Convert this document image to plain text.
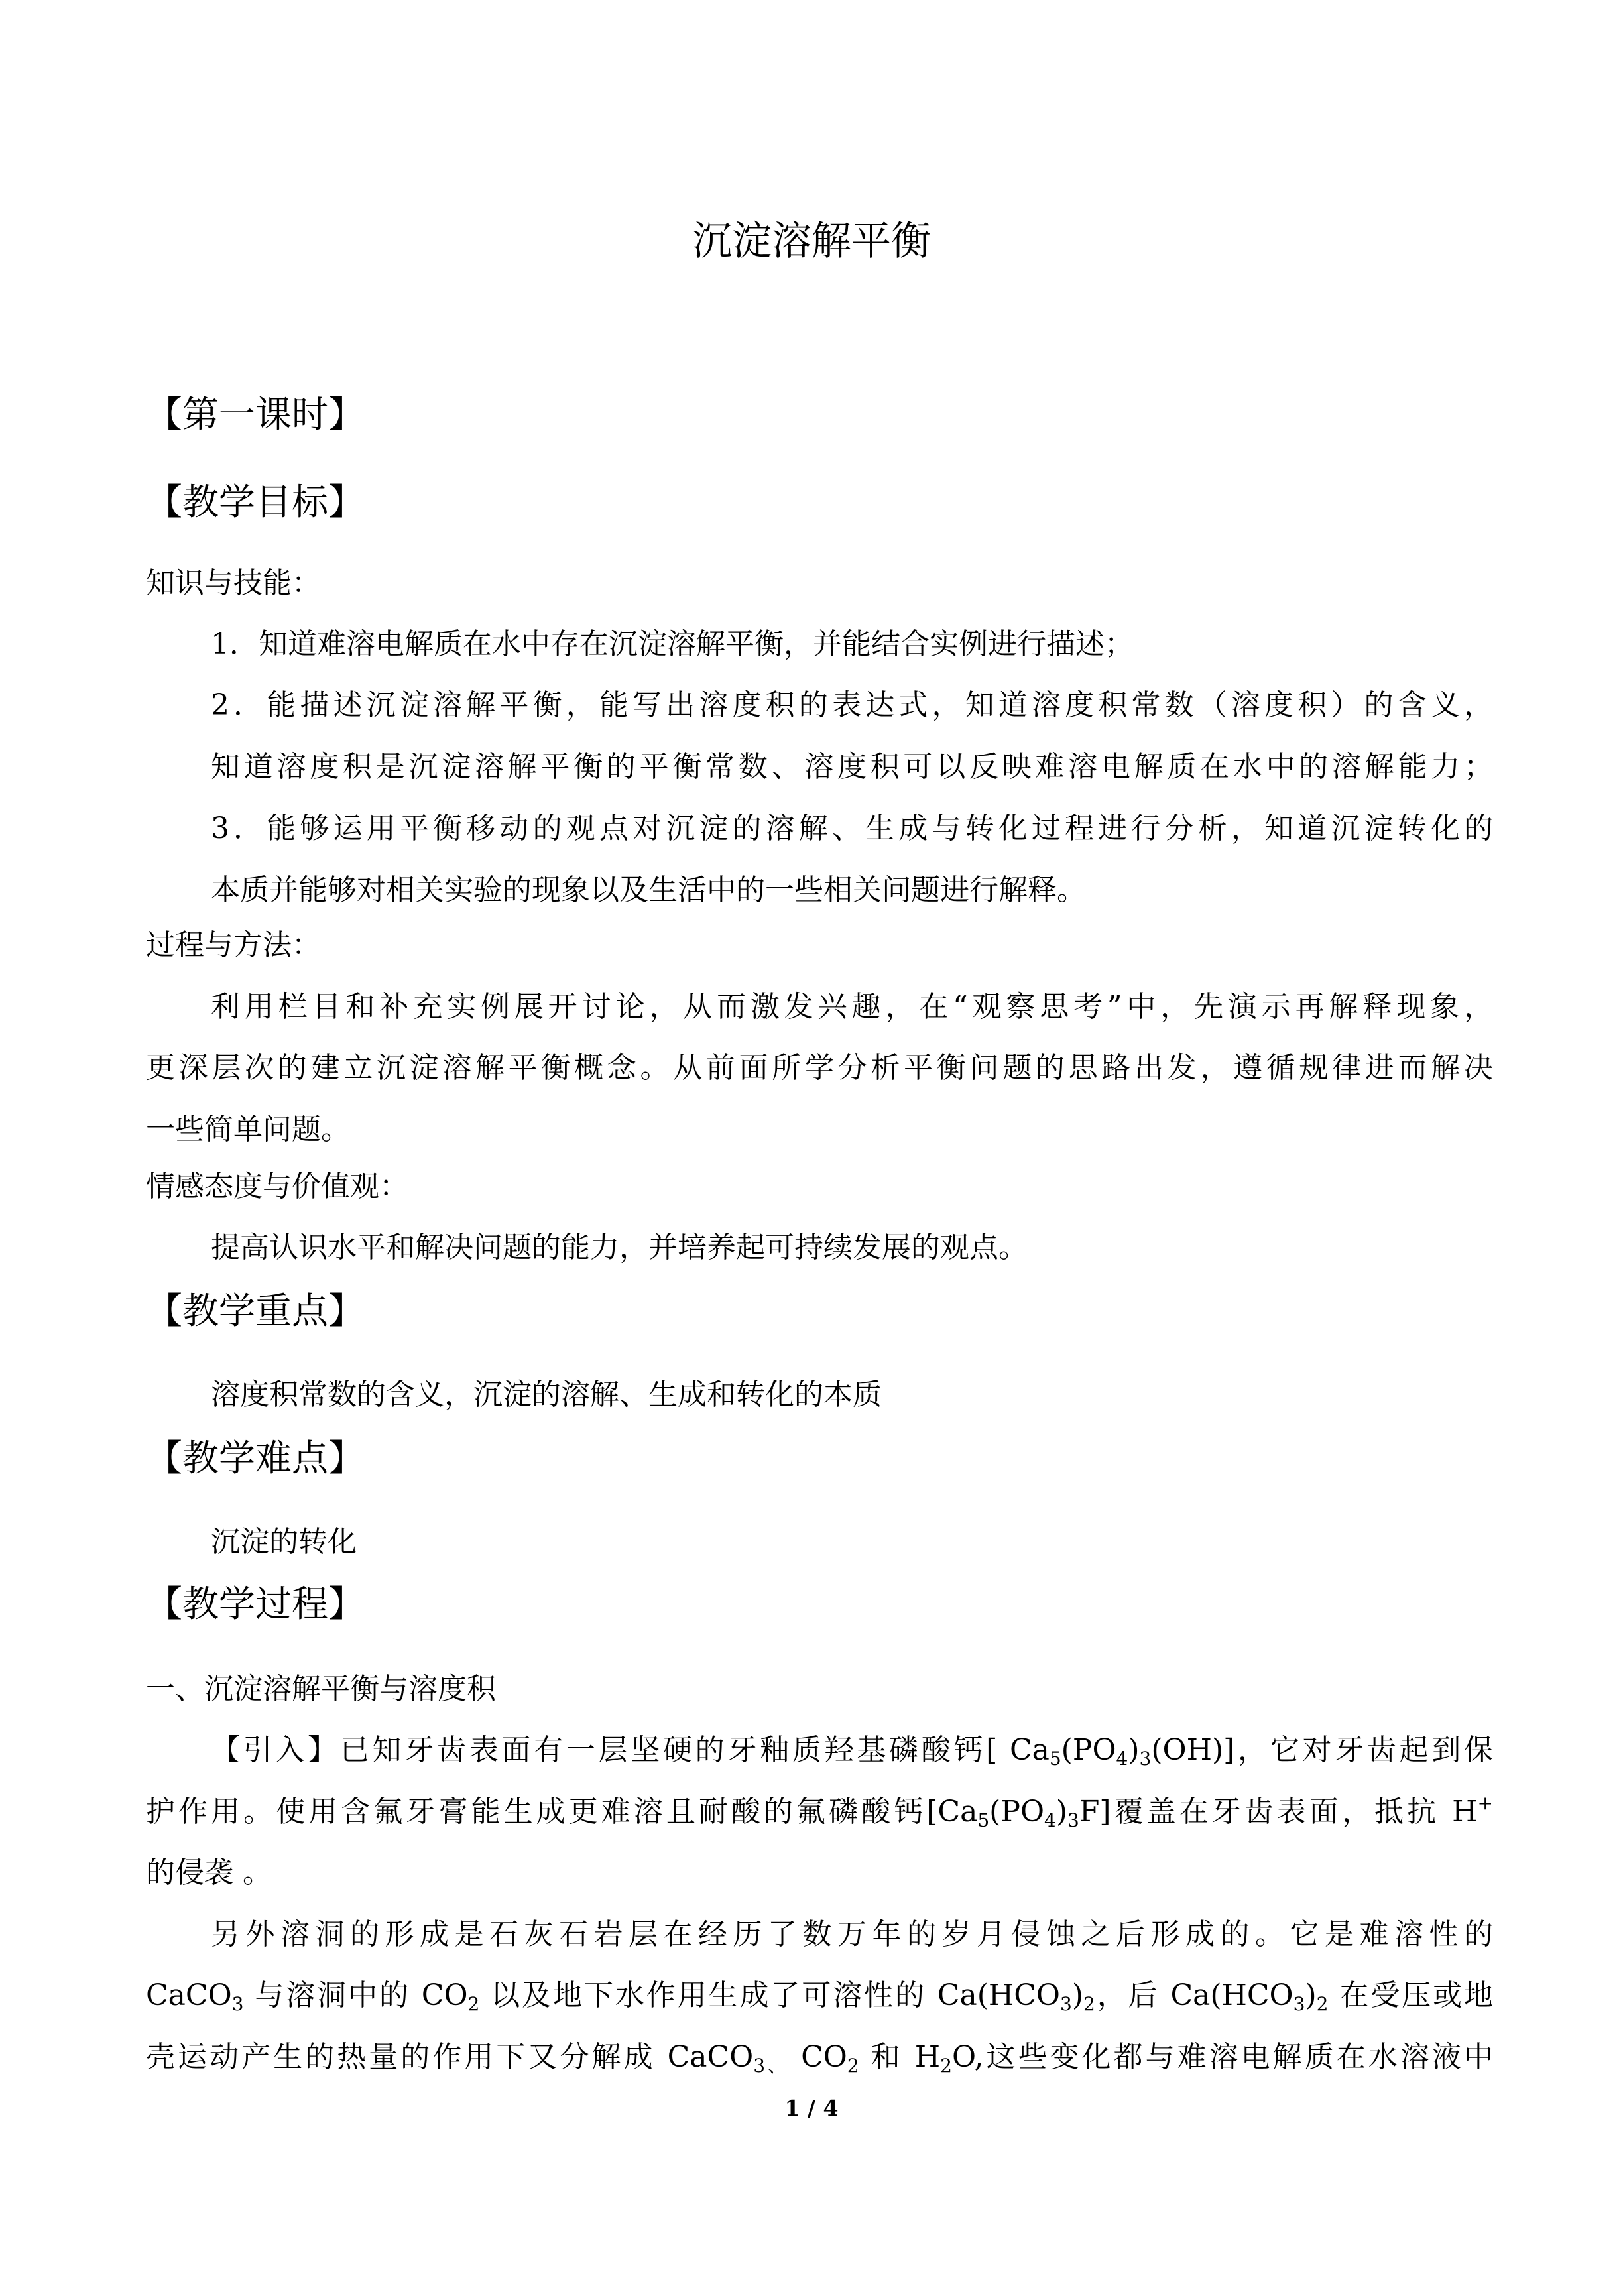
沉淀溶解平衡
【第一课时】
【教学目标】
知识与技能：
1．知道难溶电解质在水中存在沉淀溶解平衡，并能结合实例进行描述；
2．能描述沉淀溶解平衡，能写出溶度积的表达式，知道溶度积常数（溶度积）的含义，
知道溶度积是沉淀溶解平衡的平衡常数、溶度积可以反映难溶电解质在水中的溶解能力；
3．能够运用平衡移动的观点对沉淀的溶解、生成与转化过程进行分析，知道沉淀转化的
本质并能够对相关实验的现象以及生活中的一些相关问题进行解释。
过程与方法：
利用栏目和补充实例展开讨论，从而激发兴趣，在“观察思考”中，先演示再解释现象，
更深层次的建立沉淀溶解平衡概念。从前面所学分析平衡问题的思路出发，遵循规律进而解决
一些简单问题。
情感态度与价值观：
提高认识水平和解决问题的能力，并培养起可持续发展的观点。
【教学重点】
溶度积常数的含义，沉淀的溶解、生成和转化的本质
【教学难点】
沉淀的转化
【教学过程】
一、沉淀溶解平衡与溶度积
【引入】已知牙齿表面有一层坚硬的牙釉质羟基磷酸钙[ $Ca_5(PO_4)_3(OH)$]，它对牙齿起到保
护作用。使用含氟牙膏能生成更难溶且耐酸的氟磷酸钙$[Ca_5(PO_4)_3F]$覆盖在牙齿表面，抵抗 H+
的侵袭 。
另外溶洞的形成是石灰石岩层在经历了数万年的岁月侵蚀之后形成的。它是难溶性的
CaCO$_3$ 与溶洞中的 $CO_2$ 以及地下水作用生成了可溶性的 $Ca(HCO_3)_2$，后 $Ca(HCO_3)_2$ 在受压或地
壳运动产生的热量的作用下又分解成 CaCO$_{3、}$ $CO_2$ 和 $H_2O$,这些变化都与难溶电解质在水溶液中
1 / 4
